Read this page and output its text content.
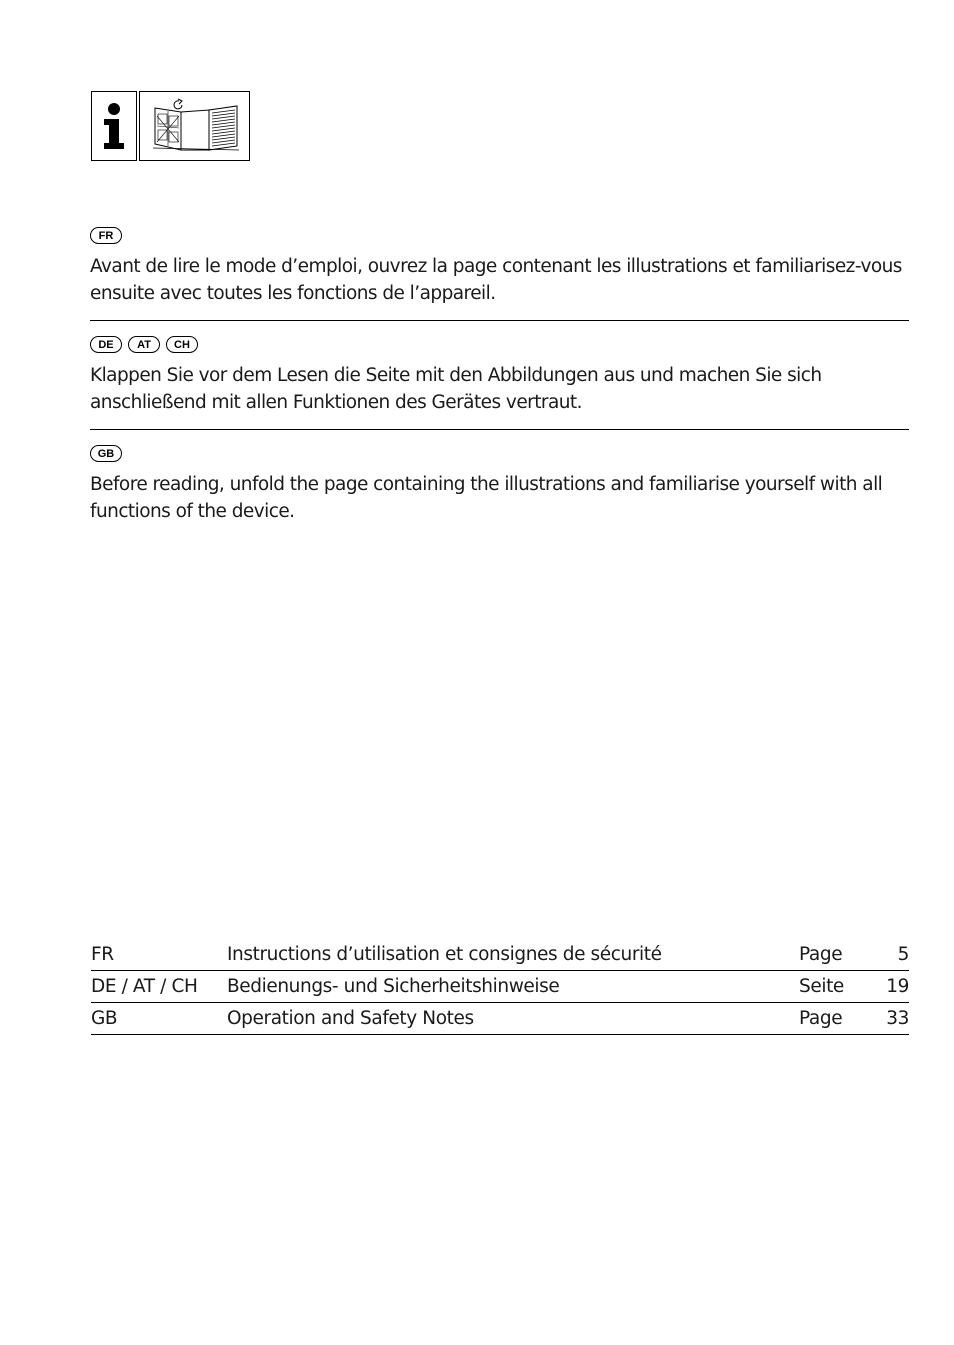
FR

Avant de lire le mode d’emploi, ouvrez la page contenant les illustrations et familiarisez-vous ensuite avec toutes les fonctions de l’appareil.

DE	AT	CH

Klappen Sie vor dem Lesen die Seite mit den Abbildungen aus und machen Sie sich anschließend mit allen Funktionen des Gerätes vertraut.

GB

Before reading, unfold the page containing the illustrations and familiarise yourself with all functions of the device.

FR	Instructions d’utilisation et consignes de sécurité	Page	5
DE / AT / CH	Bedienungs- und Sicherheitshinweise	Seite	19
GB	Operation and Safety Notes	Page	33
